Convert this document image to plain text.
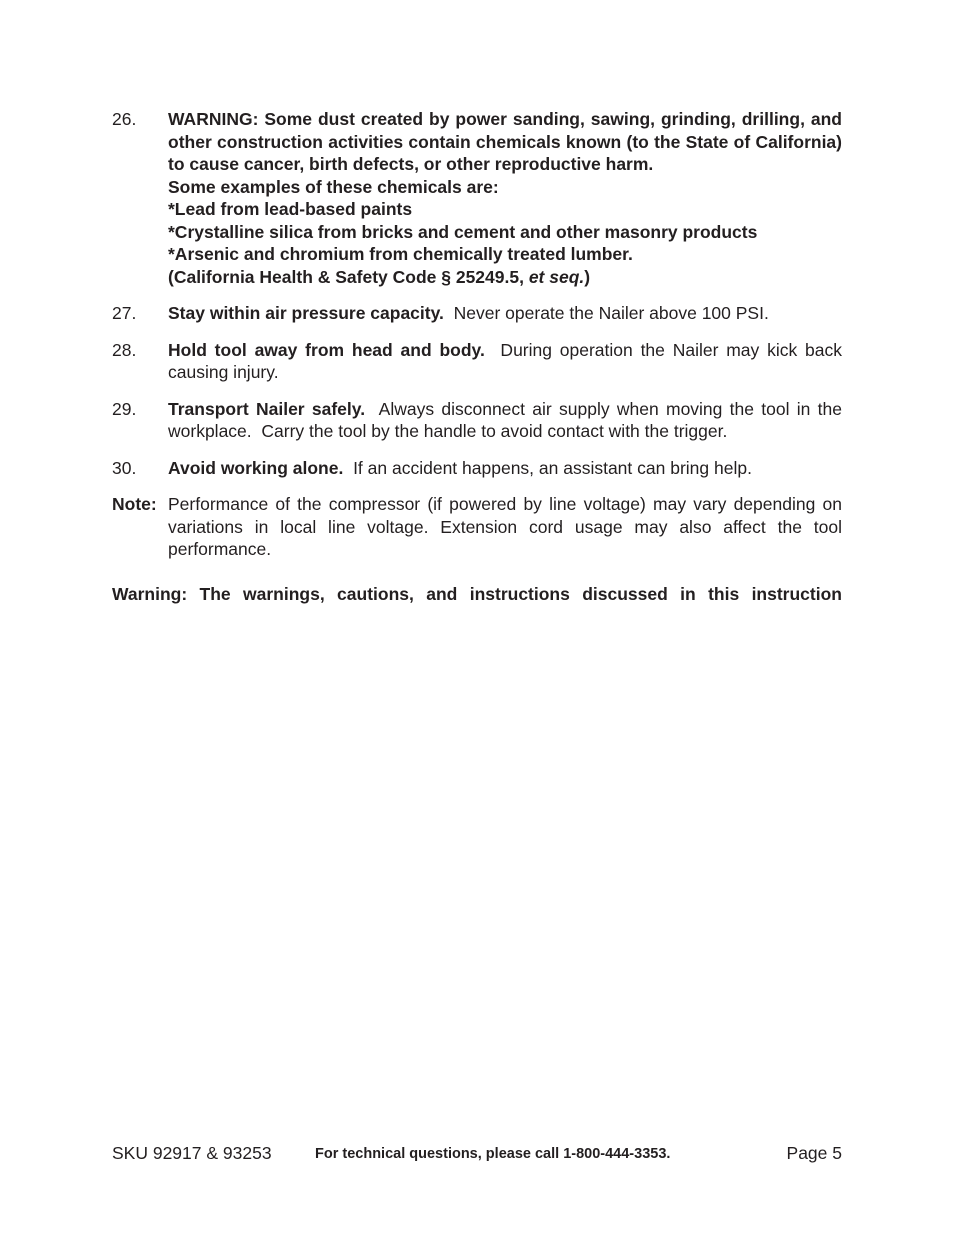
26.	WARNING: Some dust created by power sanding, sawing, grinding, drilling, and other construction activities contain chemicals known (to the State of California) to cause cancer, birth defects, or other reproductive harm.
Some examples of these chemicals are:
*Lead from lead-based paints
*Crystalline silica from bricks and cement and other masonry products
*Arsenic and chromium from chemically treated lumber.
(California Health & Safety Code § 25249.5, et seq.)
27.	Stay within air pressure capacity.  Never operate the Nailer above 100 PSI.
28.	Hold tool away from head and body.  During operation the Nailer may kick back causing injury.
29.	Transport Nailer safely.  Always disconnect air supply when moving the tool in the workplace.  Carry the tool by the handle to avoid contact with the trigger.
30.	Avoid working alone.  If an accident happens, an assistant can bring help.
Note: Performance of the compressor (if powered by line voltage) may vary depending on variations in local line voltage. Extension cord usage may also affect the tool performance.
Warning: The warnings, cautions, and instructions discussed in this instruction
SKU 92917 & 93253	For technical questions, please call 1-800-444-3353.	Page 5
